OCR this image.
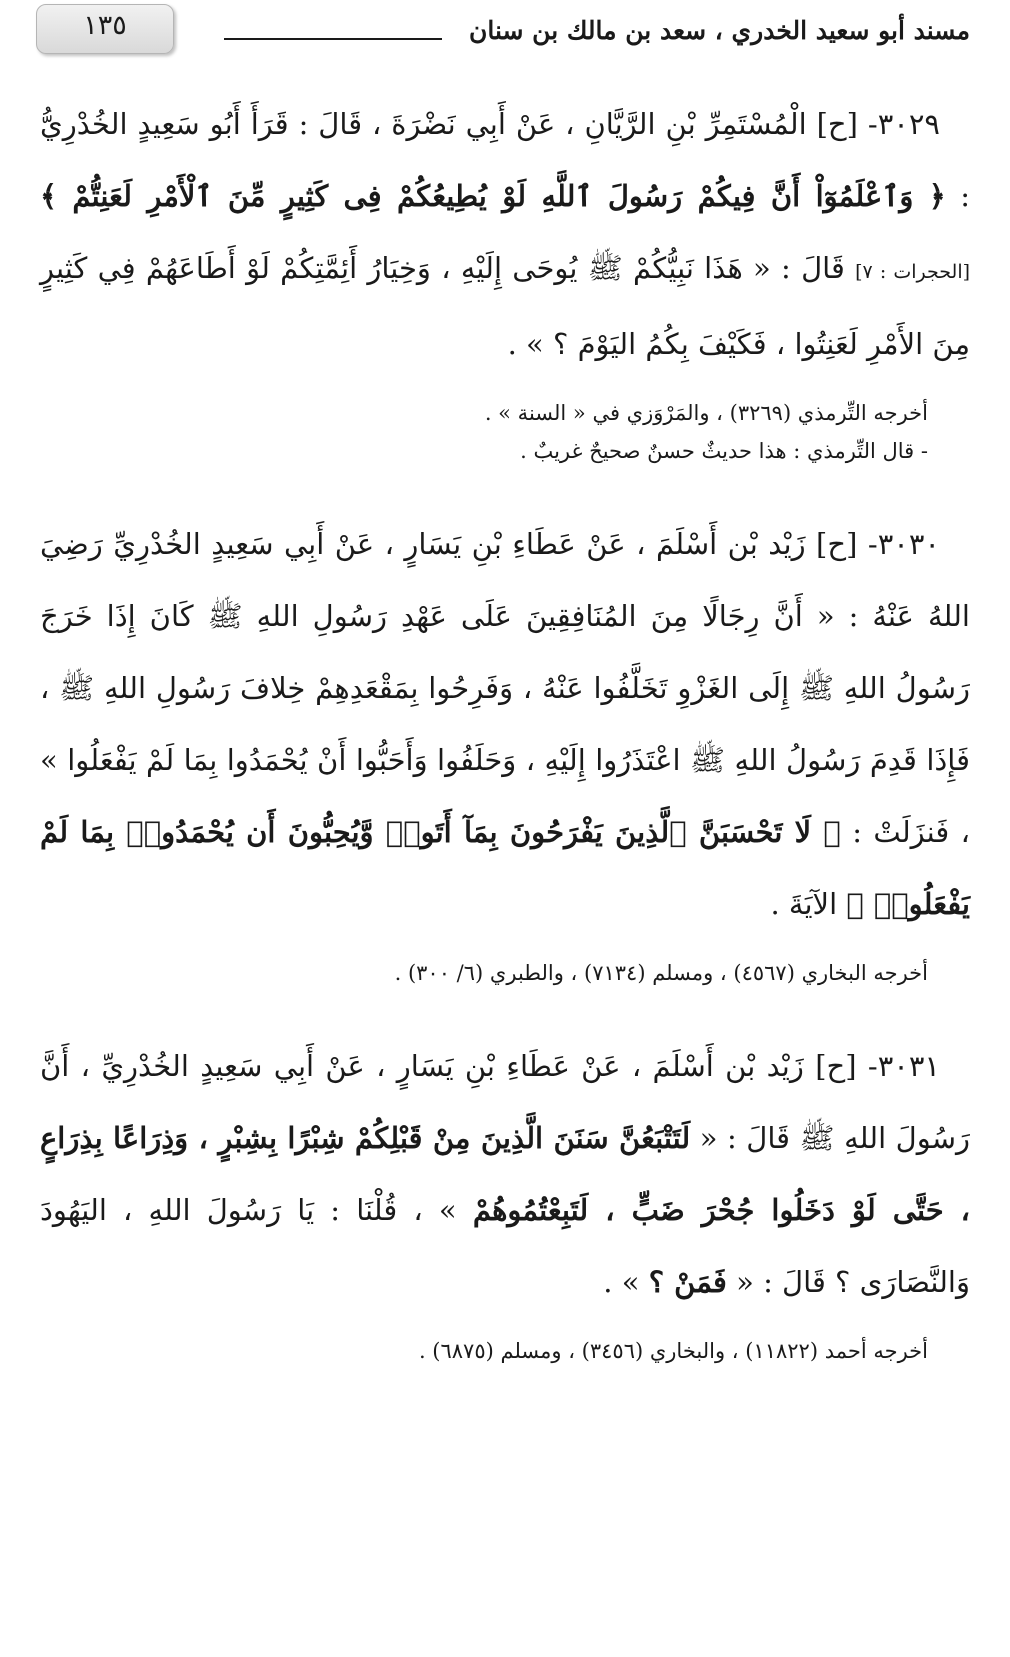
مسند أبو سعيد الخدري ، سعد بن مالك بن سنان
١٣٥

٣٠٢٩- [ح] الْمُسْتَمِرِّ بْنِ الرَّيَّانِ ، عَنْ أَبِي نَضْرَةَ ، قَالَ : قَرَأَ أَبُو سَعِيدٍ الخُدْرِيُّ : ﴿ وَٱعْلَمُوٓاْ أَنَّ فِيكُمْ رَسُولَ ٱللَّهِ لَوْ يُطِيعُكُمْ فِى كَثِيرٍ مِّنَ ٱلْأَمْرِ لَعَنِتُّمْ ﴾ [الحجرات : ٧] قَالَ : « هَذَا نَبِيُّكُمْ ﷺ يُوحَى إِلَيْهِ ، وَخِيَارُ أَئِمَّتِكُمْ لَوْ أَطَاعَهُمْ فِي كَثِيرٍ مِنَ الأَمْرِ لَعَنِتُوا ، فَكَيْفَ بِكُمُ اليَوْمَ ؟ » .

أخرجه التِّرمذي (٣٢٦٩) ، والمَرْوَزي في « السنة » .

- قال التِّرمذي : هذا حديثٌ حسنٌ صحيحٌ غريبٌ .

٣٠٣٠- [ح] زَيْد بْن أَسْلَمَ ، عَنْ عَطَاءِ بْنِ يَسَارٍ ، عَنْ أَبِي سَعِيدٍ الخُدْرِيِّ رَضِيَ اللهُ عَنْهُ : « أَنَّ رِجَالًا مِنَ المُنَافِقِينَ عَلَى عَهْدِ رَسُولِ اللهِ ﷺ كَانَ إِذَا خَرَجَ رَسُولُ اللهِ ﷺ إِلَى الغَزْوِ تَخَلَّفُوا عَنْهُ ، وَفَرِحُوا بِمَقْعَدِهِمْ خِلافَ رَسُولِ اللهِ ﷺ ، فَإِذَا قَدِمَ رَسُولُ اللهِ ﷺ اعْتَذَرُوا إِلَيْهِ ، وَحَلَفُوا وَأَحَبُّوا أَنْ يُحْمَدُوا بِمَا لَمْ يَفْعَلُوا » ، فَنزَلَتْ : ﴿ لَا تَحْسَبَنَّ ٱلَّذِينَ يَفْرَحُونَ بِمَآ أَتَوا۟ وَّيُحِبُّونَ أَن يُحْمَدُوا۟ بِمَا لَمْ يَفْعَلُوا۟ ﴾ الآيَةَ .

أخرجه البخاري (٤٥٦٧) ، ومسلم (٧١٣٤) ، والطبري (٦/ ٣٠٠) .

٣٠٣١- [ح] زَيْد بْن أَسْلَمَ ، عَنْ عَطَاءِ بْنِ يَسَارٍ ، عَنْ أَبِي سَعِيدٍ الخُدْرِيِّ ، أَنَّ رَسُولَ اللهِ ﷺ قَالَ : « لَتَتْبَعُنَّ سَنَنَ الَّذِينَ مِنْ قَبْلِكُمْ شِبْرًا بِشِبْرٍ ، وَذِرَاعًا بِذِرَاعٍ ، حَتَّى لَوْ دَخَلُوا جُحْرَ ضَبٍّ ، لَتَبِعْتُمُوهُمْ » ، قُلْنَا : يَا رَسُولَ اللهِ ، اليَهُودَ وَالنَّصَارَى ؟ قَالَ : « فَمَنْ ؟ » .

أخرجه أحمد (١١٨٢٢) ، والبخاري (٣٤٥٦) ، ومسلم (٦٨٧٥) .
